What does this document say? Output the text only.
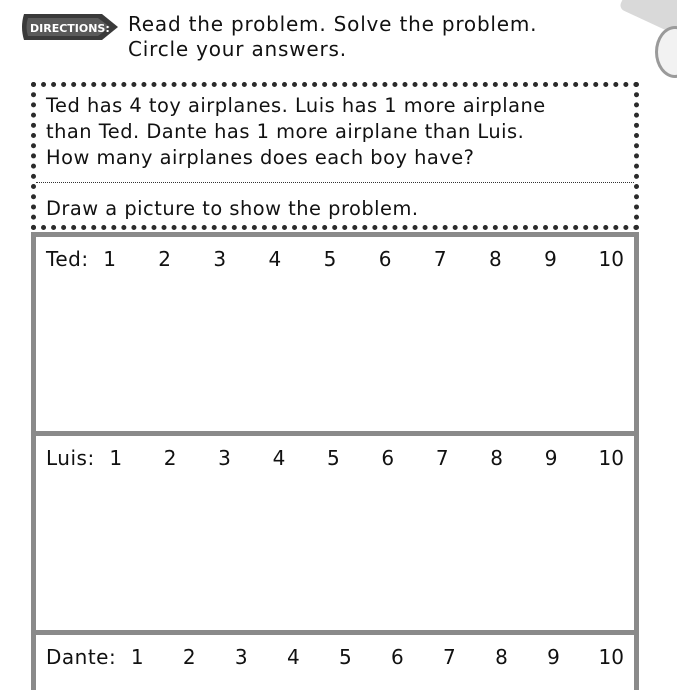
DIRECTIONS: Read the problem. Solve the problem.
Circle your answers.
Ted has 4 toy airplanes. Luis has 1 more airplane
than Ted. Dante has 1 more airplane than Luis.
How many airplanes does each boy have?
Draw a picture to show the problem.
Ted: 1 2 3 4 5 6 7 8 9 10
Luis: 1 2 3 4 5 6 7 8 9 10
Dante: 1 2 3 4 5 6 7 8 9 10
